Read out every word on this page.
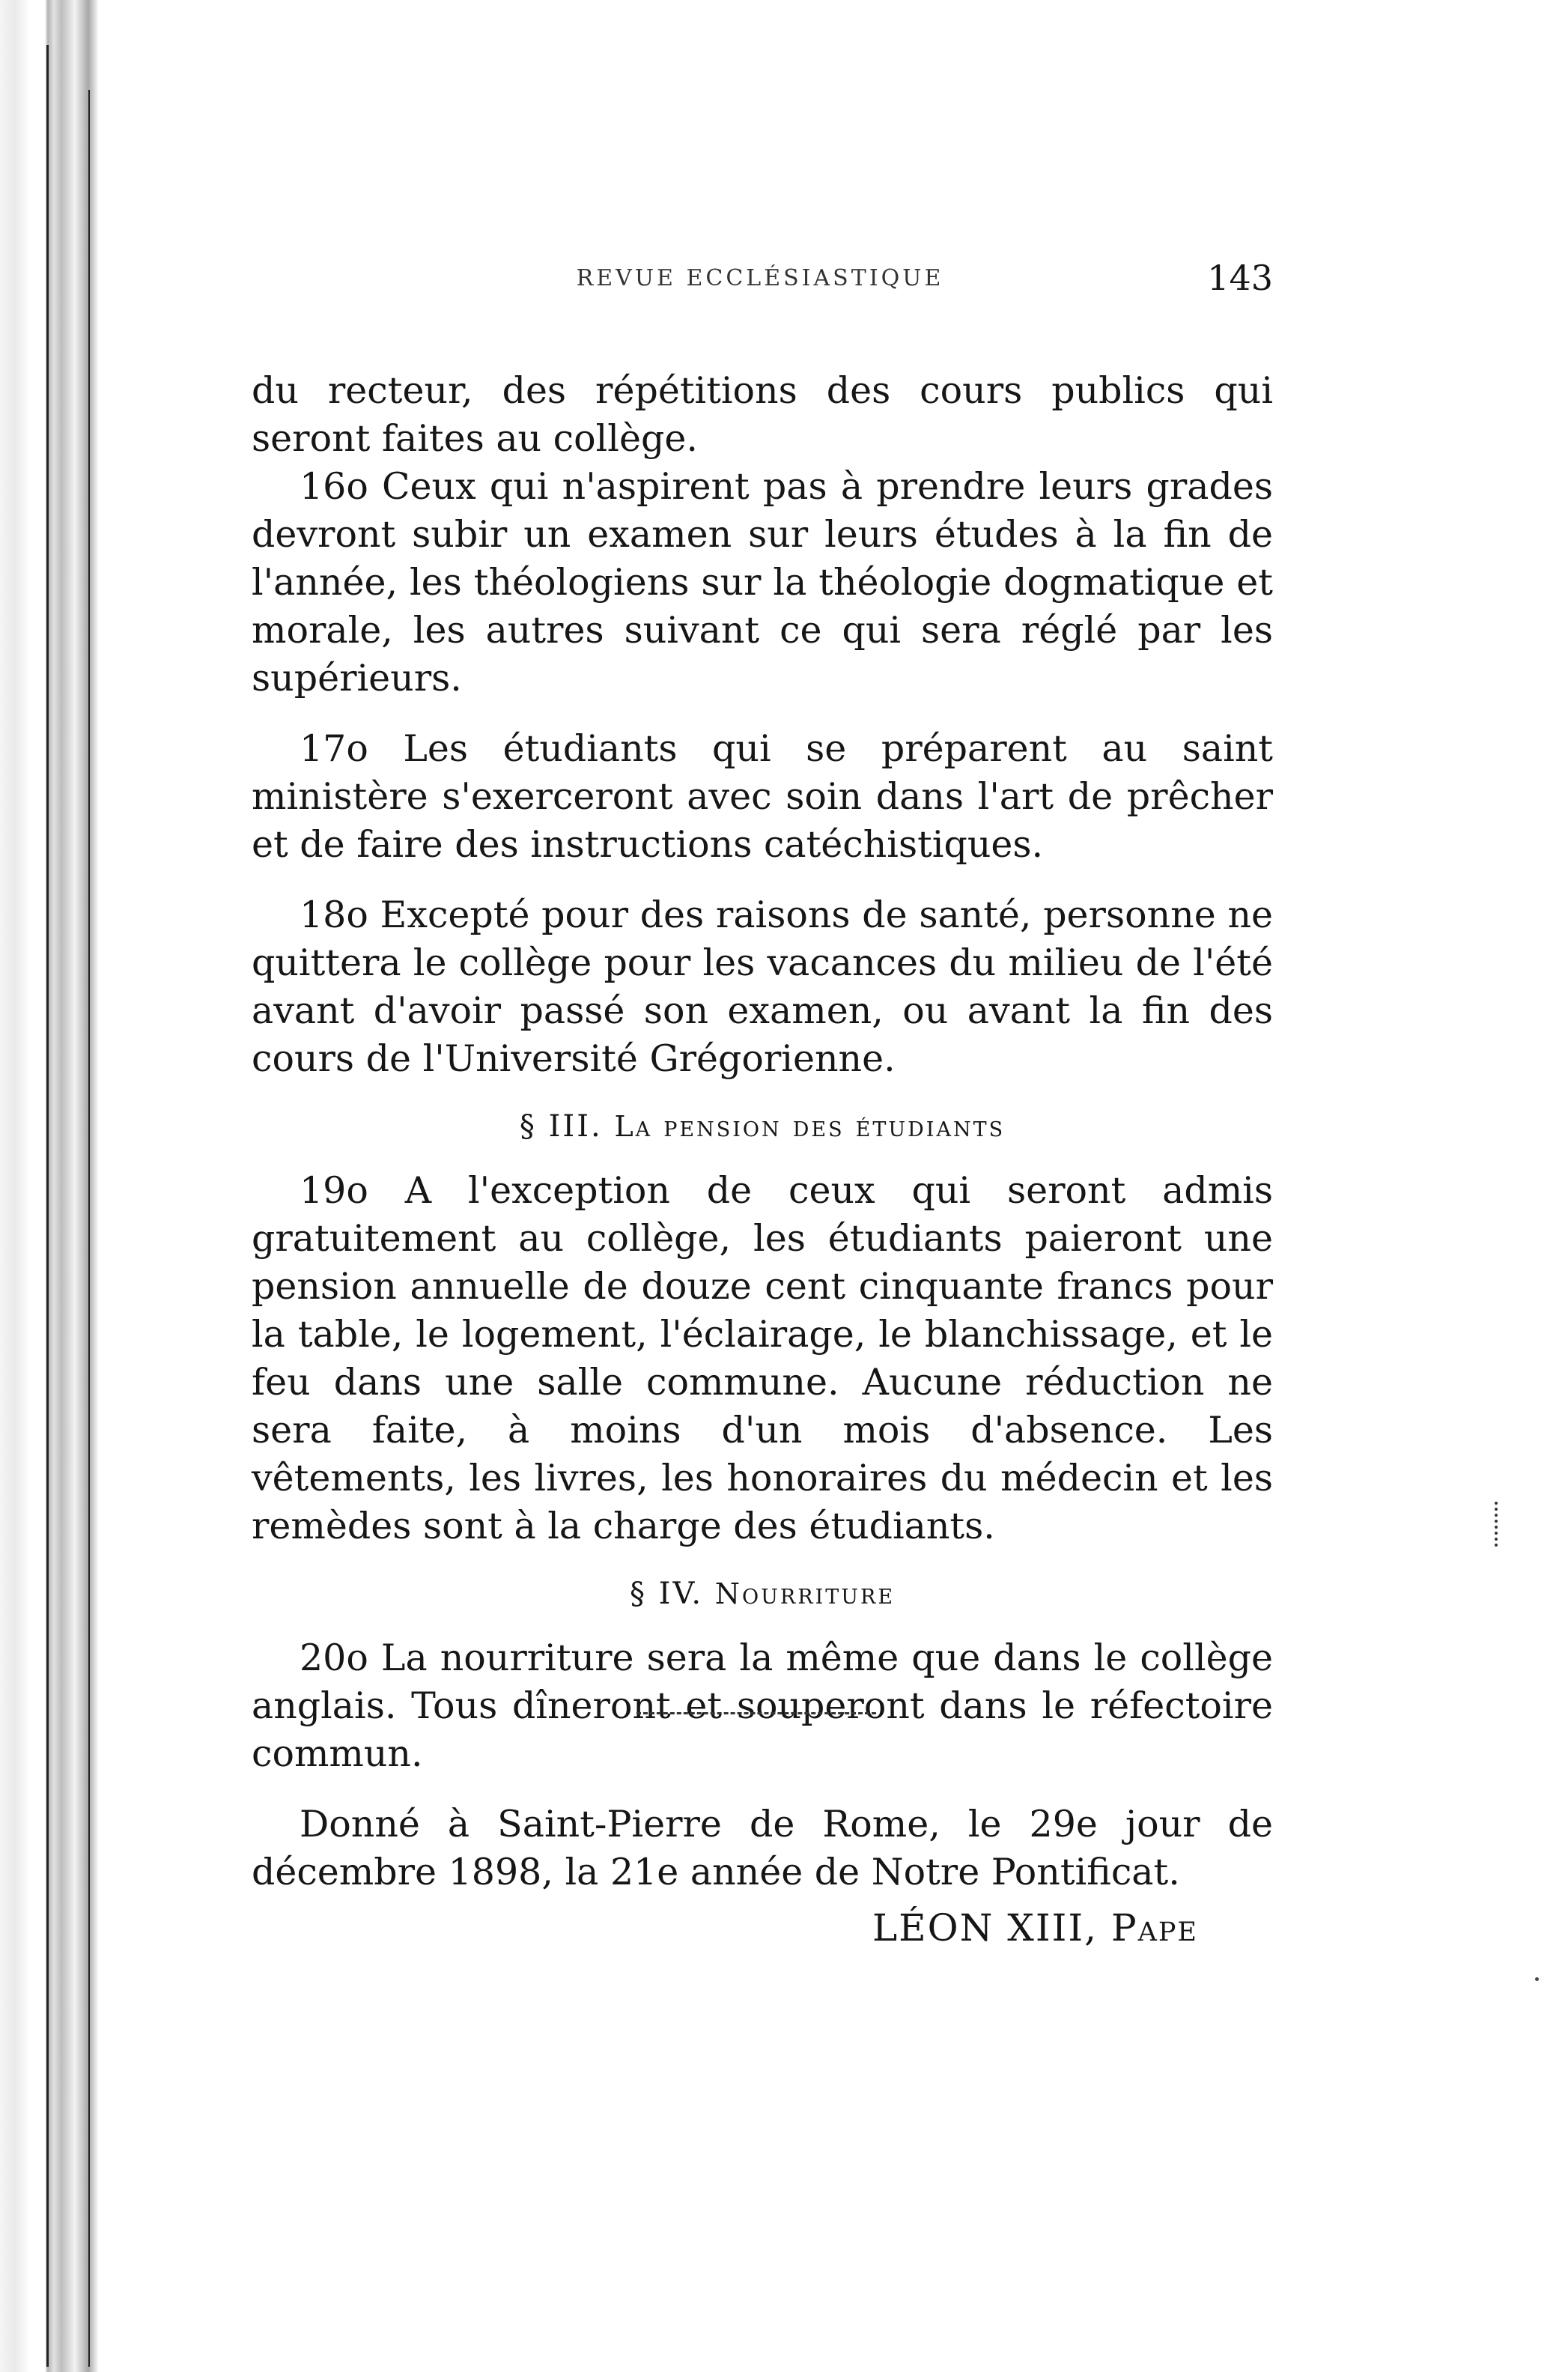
REVUE ECCLÉSIASTIQUE	143

du recteur, des répétitions des cours publics qui seront faites au collège.

16o Ceux qui n'aspirent pas à prendre leurs grades devront subir un examen sur leurs études à la fin de l'année, les théologiens sur la théologie dogmatique et morale, les autres suivant ce qui sera réglé par les supérieurs.

17o Les étudiants qui se préparent au saint ministère s'exerceront avec soin dans l'art de prêcher et de faire des instructions catéchistiques.

18o Excepté pour des raisons de santé, personne ne quittera le collège pour les vacances du milieu de l'été avant d'avoir passé son examen, ou avant la fin des cours de l'Université Grégorienne.

§ III. La pension des étudiants

19o A l'exception de ceux qui seront admis gratuitement au collège, les étudiants paieront une pension annuelle de douze cent cinquante francs pour la table, le logement, l'éclairage, le blanchissage, et le feu dans une salle commune. Aucune réduction ne sera faite, à moins d'un mois d'absence. Les vêtements, les livres, les honoraires du médecin et les remèdes sont à la charge des étudiants.

§ IV. Nourriture

20o La nourriture sera la même que dans le collège anglais. Tous dîneront et souperont dans le réfectoire commun.

Donné à Saint-Pierre de Rome, le 29e jour de décembre 1898, la 21e année de Notre Pontificat.

LÉON XIII, Pape
